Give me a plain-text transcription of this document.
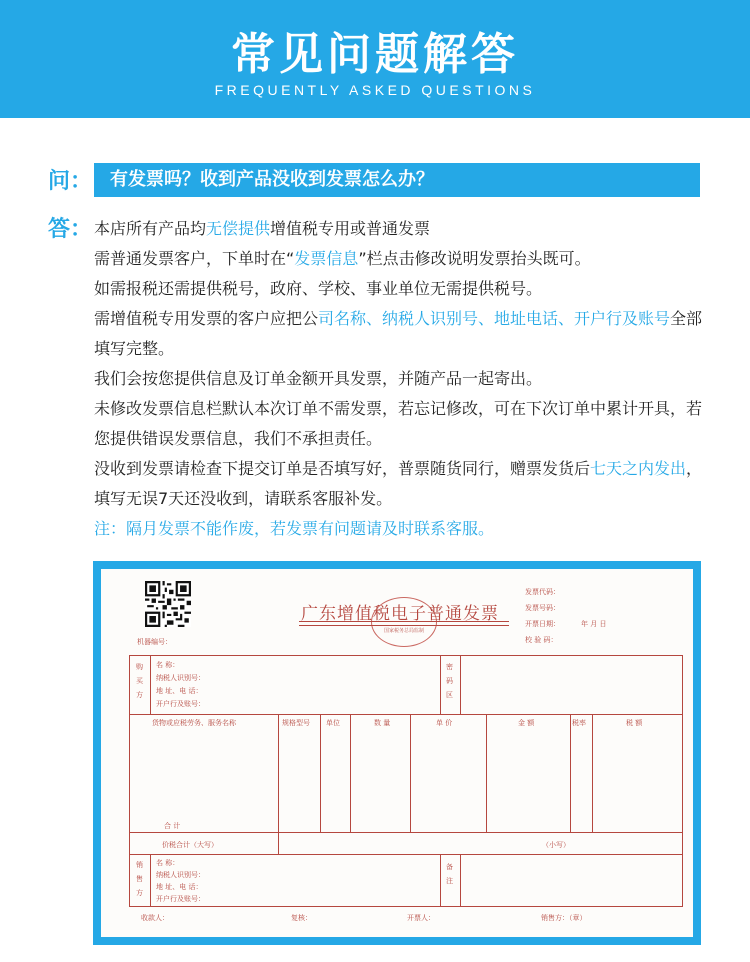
常见问题解答
FREQUENTLY ASKED QUESTIONS
问： 有发票吗？收到产品没收到发票怎么办？
答： 本店所有产品均无偿提供增值税专用或普通发票

需普通发票客户，下单时在“发票信息”栏点击修改说明发票抬头既可。

如需报税还需提供税号，政府、学校、事业单位无需提供税号。

需增值税专用发票的客户应把公司名称、纳税人识别号、地址电话、开户行及账号全部填写完整。

我们会按您提供信息及订单金额开具发票，并随产品一起寄出。

未修改发票信息栏默认本次订单不需发票，若忘记修改，可在下次订单中累计开具，若您提供错误发票信息，我们不承担责任。

没收到发票请检查下提交订单是否填写好，普票随货同行，赠票发货后七天之内发出，填写无误7天还没收到，请联系客服补发。

注：隔月发票不能作废，若发票有问题请及时联系客服。

国家税务总局监制
广东增值税电子普通发票
发票代码：
发票号码：
开票日期：	年 月 日
校 验 码：
机器编号：
购买方
名 称：
纳税人识别号：
地 址、电 话：
开户行及账号：
密码区
货物或应税劳务、服务名称	规格型号 单位	数 量	单 价	金 额	税率	税 额
合 计
价税合计（大写）	（小写）
销售方
名 称：
纳税人识别号：
地 址、电 话：
开户行及账号：
备注
收款人：	复核：	开票人：	销售方：（章）
